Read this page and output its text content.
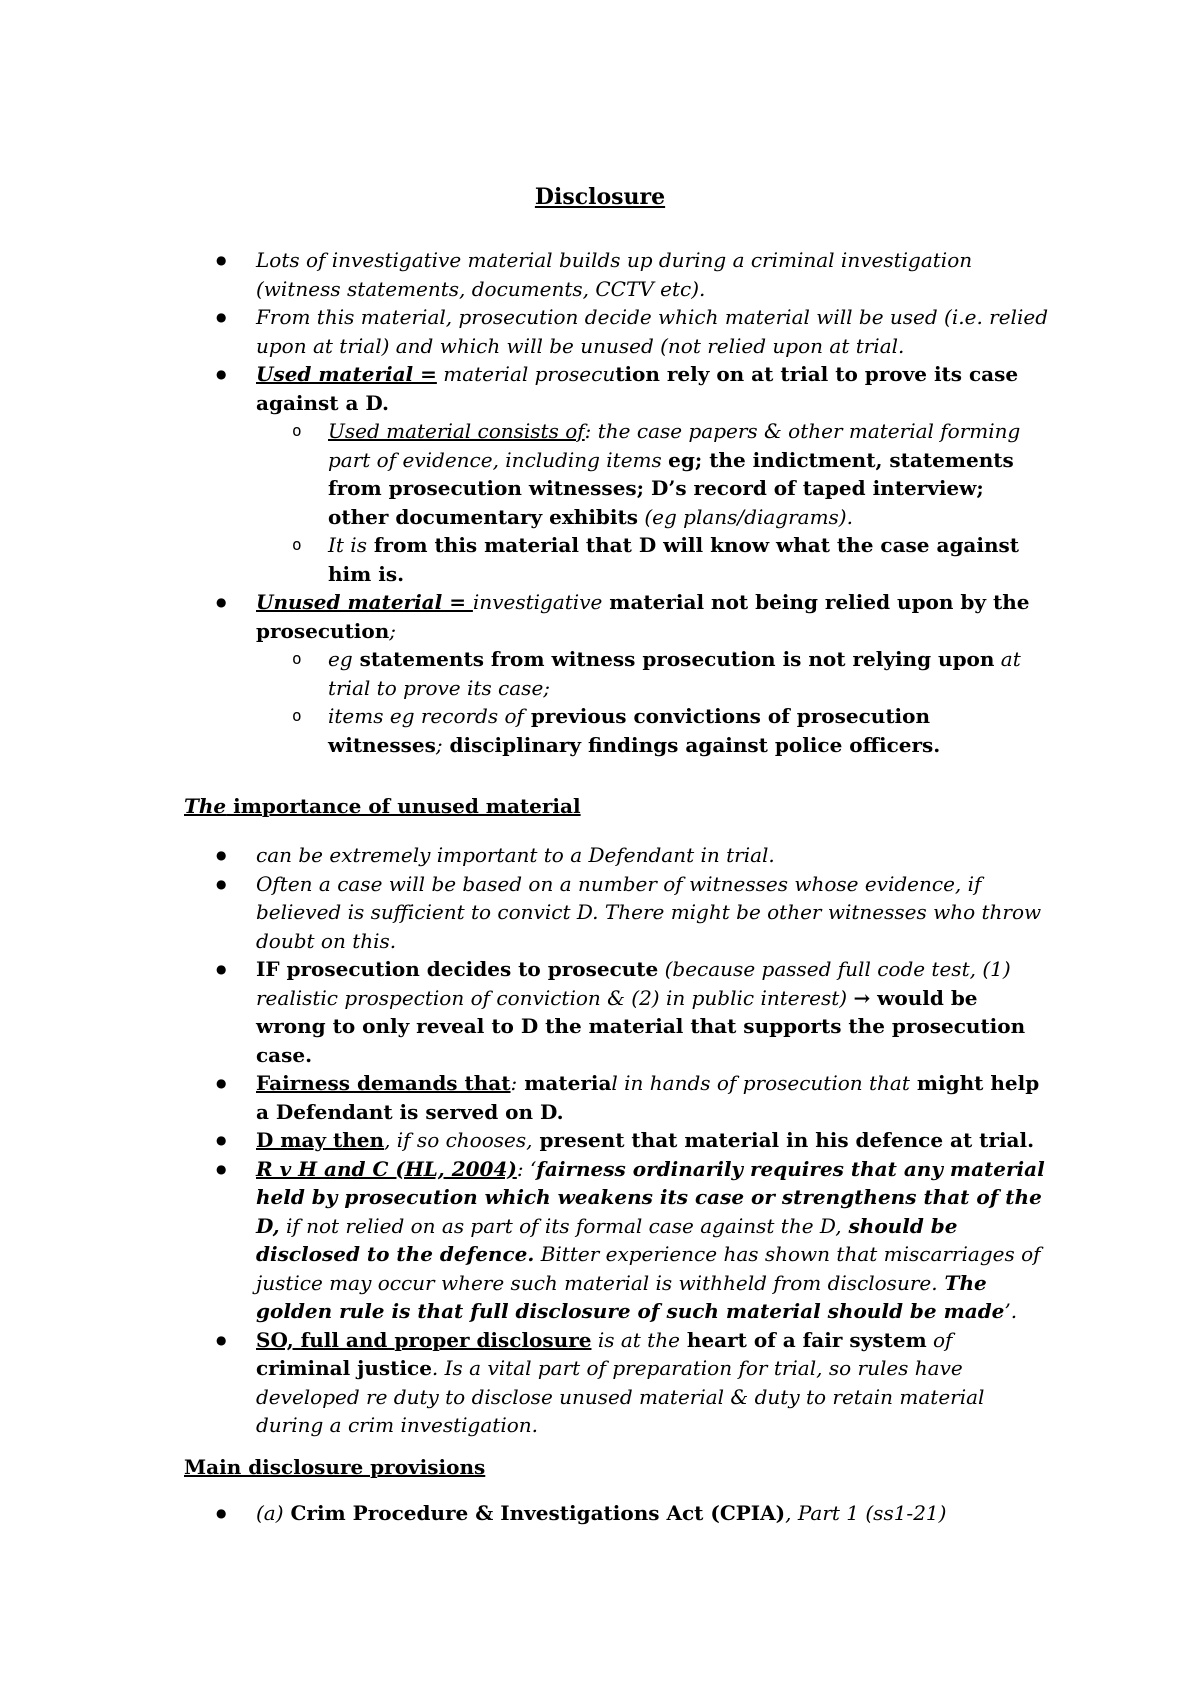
Disclosure
● Lots of investigative material builds up during a criminal investigation (witness statements, documents, CCTV etc).
● From this material, prosecution decide which material will be used (i.e. relied upon at trial) and which will be unused (not relied upon at trial.
● Used material = material prosecution rely on at trial to prove its case against a D.
o Used material consists of: the case papers & other material forming part of evidence, including items eg; the indictment, statements from prosecution witnesses; D’s record of taped interview; other documentary exhibits (eg plans/diagrams).
o It is from this material that D will know what the case against him is.
● Unused material = investigative material not being relied upon by the prosecution;
o eg statements from witness prosecution is not relying upon at trial to prove its case;
o items eg records of previous convictions of prosecution witnesses; disciplinary findings against police officers.
The importance of unused material
● can be extremely important to a Defendant in trial.
● Often a case will be based on a number of witnesses whose evidence, if believed is sufficient to convict D. There might be other witnesses who throw doubt on this.
● IF prosecution decides to prosecute (because passed full code test, (1) realistic prospection of conviction & (2) in public interest) → would be wrong to only reveal to D the material that supports the prosecution case.
● Fairness demands that: material in hands of prosecution that might help a Defendant is served on D.
● D may then, if so chooses, present that material in his defence at trial.
● R v H and C (HL, 2004): ‘fairness ordinarily requires that any material held by prosecution which weakens its case or strengthens that of the D, if not relied on as part of its formal case against the D, should be disclosed to the defence. Bitter experience has shown that miscarriages of justice may occur where such material is withheld from disclosure. The golden rule is that full disclosure of such material should be made’.
● SO, full and proper disclosure is at the heart of a fair system of criminal justice. Is a vital part of preparation for trial, so rules have developed re duty to disclose unused material & duty to retain material during a crim investigation.
Main disclosure provisions
● (a) Crim Procedure & Investigations Act (CPIA), Part 1 (ss1-21)
